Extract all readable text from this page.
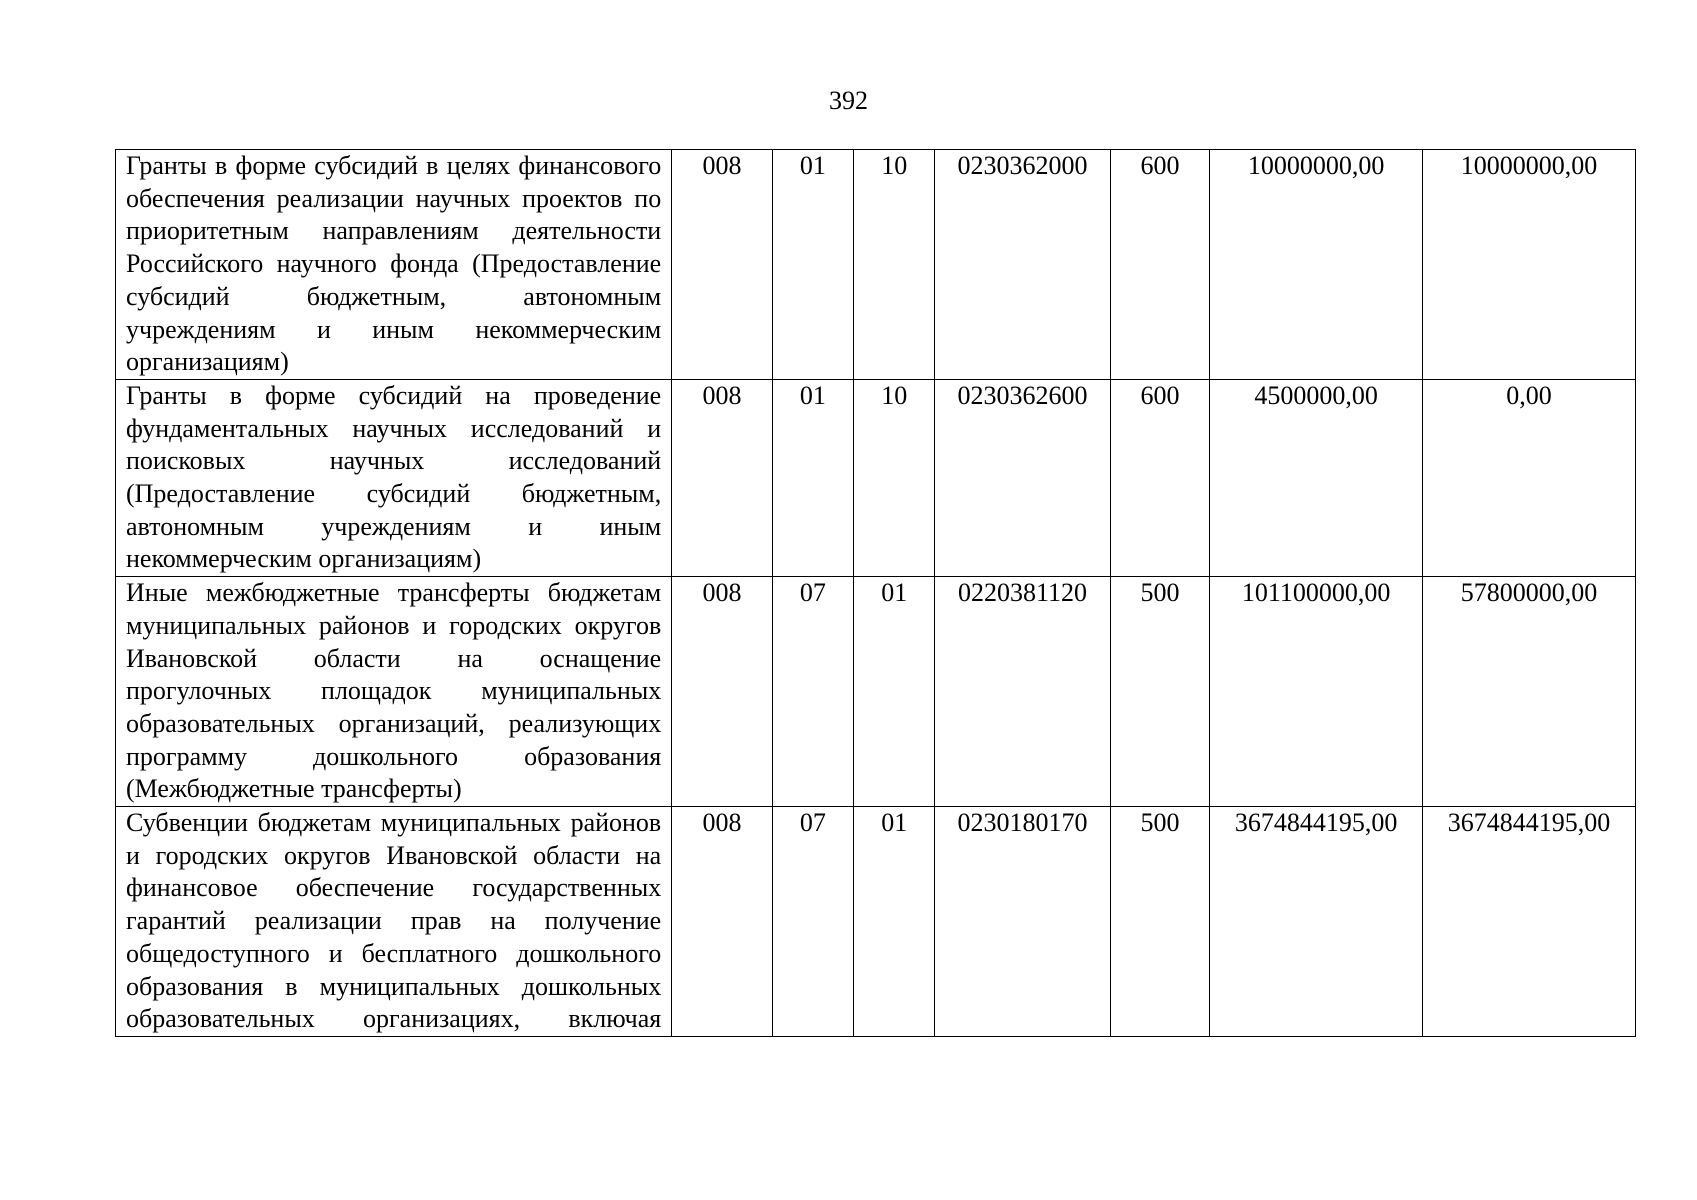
392
Гранты в форме субсидий в целях финансового обеспечения реализации научных проектов по приоритетным направлениям деятельности Российского научного фонда (Предоставление субсидий бюджетным, автономным учреждениям и иным некоммерческим организациям)	008	01	10	0230362000	600	10000000,00	10000000,00
Гранты в форме субсидий на проведение фундаментальных научных исследований и поисковых научных исследований (Предоставление субсидий бюджетным, автономным учреждениям и иным некоммерческим организациям)	008	01	10	0230362600	600	4500000,00	0,00
Иные межбюджетные трансферты бюджетам муниципальных районов и городских округов Ивановской области на оснащение прогулочных площадок муниципальных образовательных организаций, реализующих программу дошкольного образования (Межбюджетные трансферты)	008	07	01	0220381120	500	101100000,00	57800000,00
Субвенции бюджетам муниципальных районов и городских округов Ивановской области на финансовое обеспечение государственных гарантий реализации прав на получение общедоступного и бесплатного дошкольного образования в муниципальных дошкольных образовательных организациях, включая	008	07	01	0230180170	500	3674844195,00	3674844195,00
